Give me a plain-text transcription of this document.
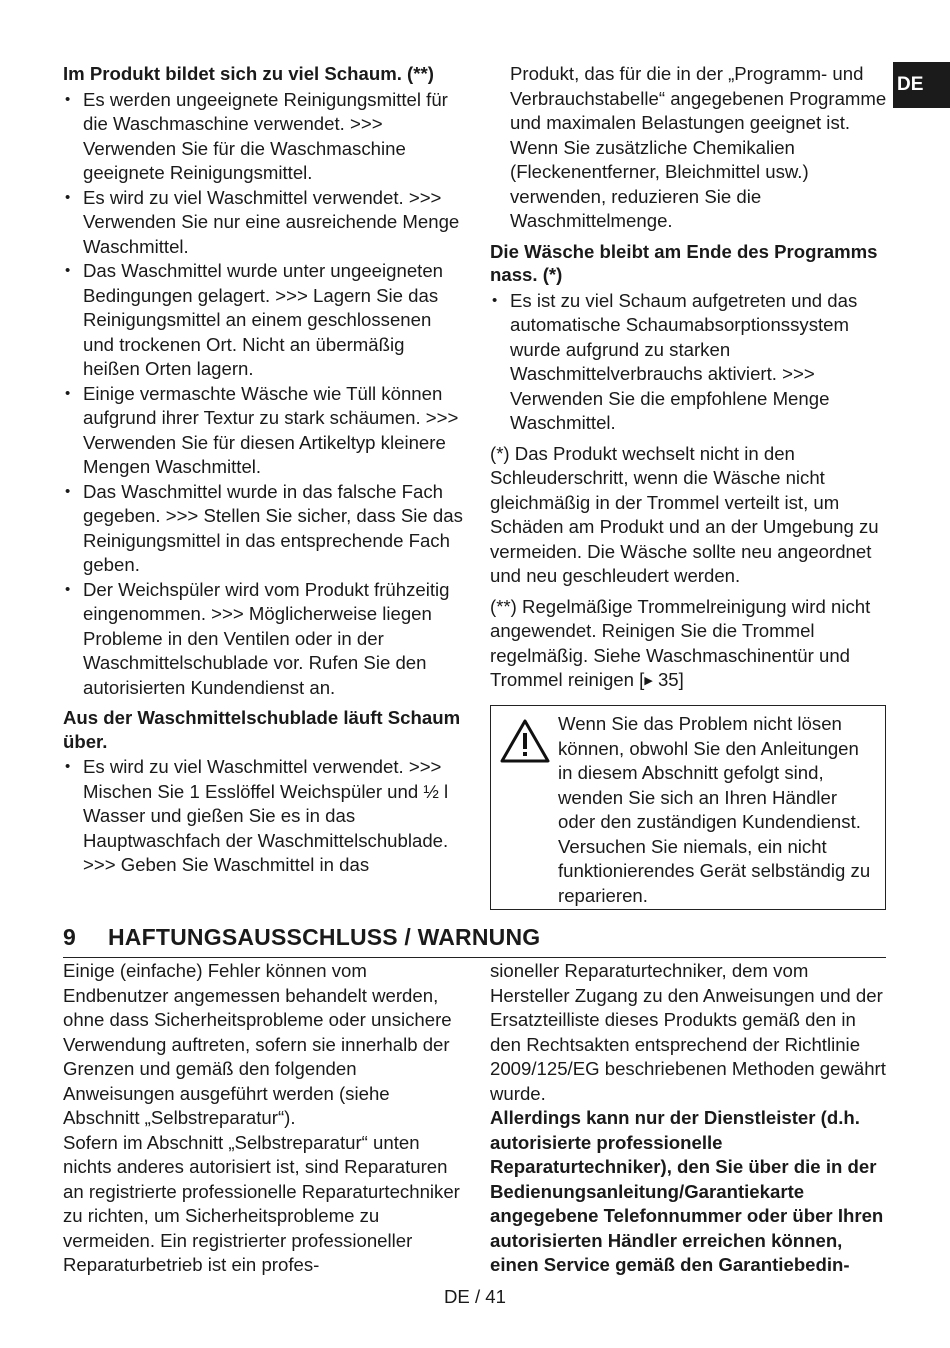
DE

Im Produkt bildet sich zu viel Schaum. (**)

• Es werden ungeeignete Reinigungsmittel für die Waschmaschine verwendet. >>> Verwenden Sie für die Waschmaschine geeignete Reinigungsmittel.
• Es wird zu viel Waschmittel verwendet. >>> Verwenden Sie nur eine ausreichende Menge Waschmittel.
• Das Waschmittel wurde unter ungeeigneten Bedingungen gelagert. >>> Lagern Sie das Reinigungsmittel an einem geschlossenen und trockenen Ort. Nicht an übermäßig heißen Orten lagern.
• Einige vermaschte Wäsche wie Tüll können aufgrund ihrer Textur zu stark schäumen. >>> Verwenden Sie für diesen Artikeltyp kleinere Mengen Waschmittel.
• Das Waschmittel wurde in das falsche Fach gegeben. >>> Stellen Sie sicher, dass Sie das Reinigungsmittel in das entsprechende Fach geben.
• Der Weichspüler wird vom Produkt frühzeitig eingenommen. >>> Möglicherweise liegen Probleme in den Ventilen oder in der Waschmittelschublade vor. Rufen Sie den autorisierten Kundendienst an.

Aus der Waschmittelschublade läuft Schaum über.

• Es wird zu viel Waschmittel verwendet. >>> Mischen Sie 1 Esslöffel Weichspüler und ½ l Wasser und gießen Sie es in das Hauptwaschfach der Waschmittelschublade. >>> Geben Sie Waschmittel in das

Produkt, das für die in der „Programm- und Verbrauchstabelle“ angegebenen Programme und maximalen Belastungen geeignet ist. Wenn Sie zusätzliche Chemikalien (Fleckenentferner, Bleichmittel usw.) verwenden, reduzieren Sie die Waschmittelmenge.

Die Wäsche bleibt am Ende des Programms nass. (*)

• Es ist zu viel Schaum aufgetreten und das automatische Schaumabsorptionssystem wurde aufgrund zu starken Waschmittelverbrauchs aktiviert. >>> Verwenden Sie die empfohlene Menge Waschmittel.

(*) Das Produkt wechselt nicht in den Schleuderschritt, wenn die Wäsche nicht gleichmäßig in der Trommel verteilt ist, um Schäden am Produkt und an der Umgebung zu vermeiden. Die Wäsche sollte neu angeordnet und neu geschleudert werden.

(**) Regelmäßige Trommelreinigung wird nicht angewendet. Reinigen Sie die Trommel regelmäßig. Siehe Waschmaschinentür und Trommel reinigen [▶ 35]

Wenn Sie das Problem nicht lösen können, obwohl Sie den Anleitungen in diesem Abschnitt gefolgt sind, wenden Sie sich an Ihren Händler oder den zuständigen Kundendienst. Versuchen Sie niemals, ein nicht funktionierendes Gerät selbständig zu reparieren.

9 HAFTUNGSAUSSCHLUSS / WARNUNG

Einige (einfache) Fehler können vom Endbenutzer angemessen behandelt werden, ohne dass Sicherheitsprobleme oder unsichere Verwendung auftreten, sofern sie innerhalb der Grenzen und gemäß den folgenden Anweisungen ausgeführt werden (siehe Abschnitt „Selbstreparatur“).

Sofern im Abschnitt „Selbstreparatur“ unten nichts anderes autorisiert ist, sind Reparaturen an registrierte professionelle Reparaturtechniker zu richten, um Sicherheitsprobleme zu vermeiden. Ein registrierter professioneller Reparaturbetrieb ist ein profes-

sioneller Reparaturtechniker, dem vom Hersteller Zugang zu den Anweisungen und der Ersatzteilliste dieses Produkts gemäß den in den Rechtsakten entsprechend der Richtlinie 2009/125/EG beschriebenen Methoden gewährt wurde.

Allerdings kann nur der Dienstleister (d.h. autorisierte professionelle Reparaturtechniker), den Sie über die in der Bedienungsanleitung/Garantiekarte angegebene Telefonnummer oder über Ihren autorisierten Händler erreichen können, einen Service gemäß den Garantiebedin-

DE / 41
